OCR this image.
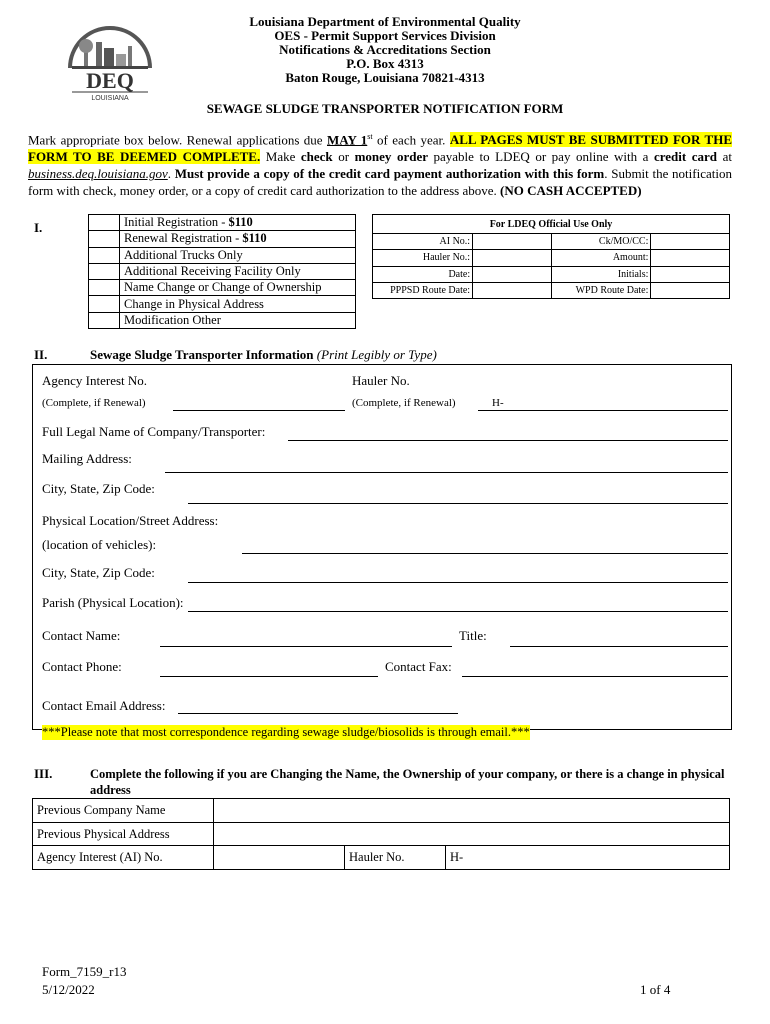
DEQ
LOUISIANA
Louisiana Department of Environmental Quality
OES - Permit Support Services Division
Notifications & Accreditations Section
P.O. Box 4313
Baton Rouge, Louisiana 70821-4313
SEWAGE SLUDGE TRANSPORTER NOTIFICATION FORM
Mark appropriate box below. Renewal applications due MAY 1st of each year. ALL PAGES MUST BE SUBMITTED FOR THE FORM TO BE DEEMED COMPLETE. Make check or money order payable to LDEQ or pay online with a credit card at business.deq.louisiana.gov. Must provide a copy of the credit card payment authorization with this form. Submit the notification form with check, money order, or a copy of credit card authorization to the address above. (NO CASH ACCEPTED)
I.
		Initial Registration - $110
	Renewal Registration - $110
	Additional Trucks Only
	Additional Receiving Facility Only
	Name Change or Change of Ownership
	Change in Physical Address
	Modification Other
For LDEQ Official Use Only			
AI No.:		Ck/MO/CC:	
Hauler No.:		Amount:	
Date:		Initials:	
PPPSD Route Date:		WPD Route Date:	
II.	Sewage Sludge Transporter Information (Print Legibly or Type)
Agency Interest No.	Hauler No.
(Complete, if Renewal)	(Complete, if Renewal)	H-
Full Legal Name of Company/Transporter:
Mailing Address:
City, State, Zip Code:
Physical Location/Street Address:
(location of vehicles):
City, State, Zip Code:
Parish (Physical Location):
Contact Name:	Title:
Contact Phone:	Contact Fax:
Contact Email Address:
***Please note that most correspondence regarding sewage sludge/biosolids is through email.***
III.	Complete the following if you are Changing the Name, the Ownership of your company, or there is a change in physical address
Previous Company Name			
Previous Physical Address			
Agency Interest (AI) No.		Hauler No.	H-
Form_7159_r13
5/12/2022	1 of 4
